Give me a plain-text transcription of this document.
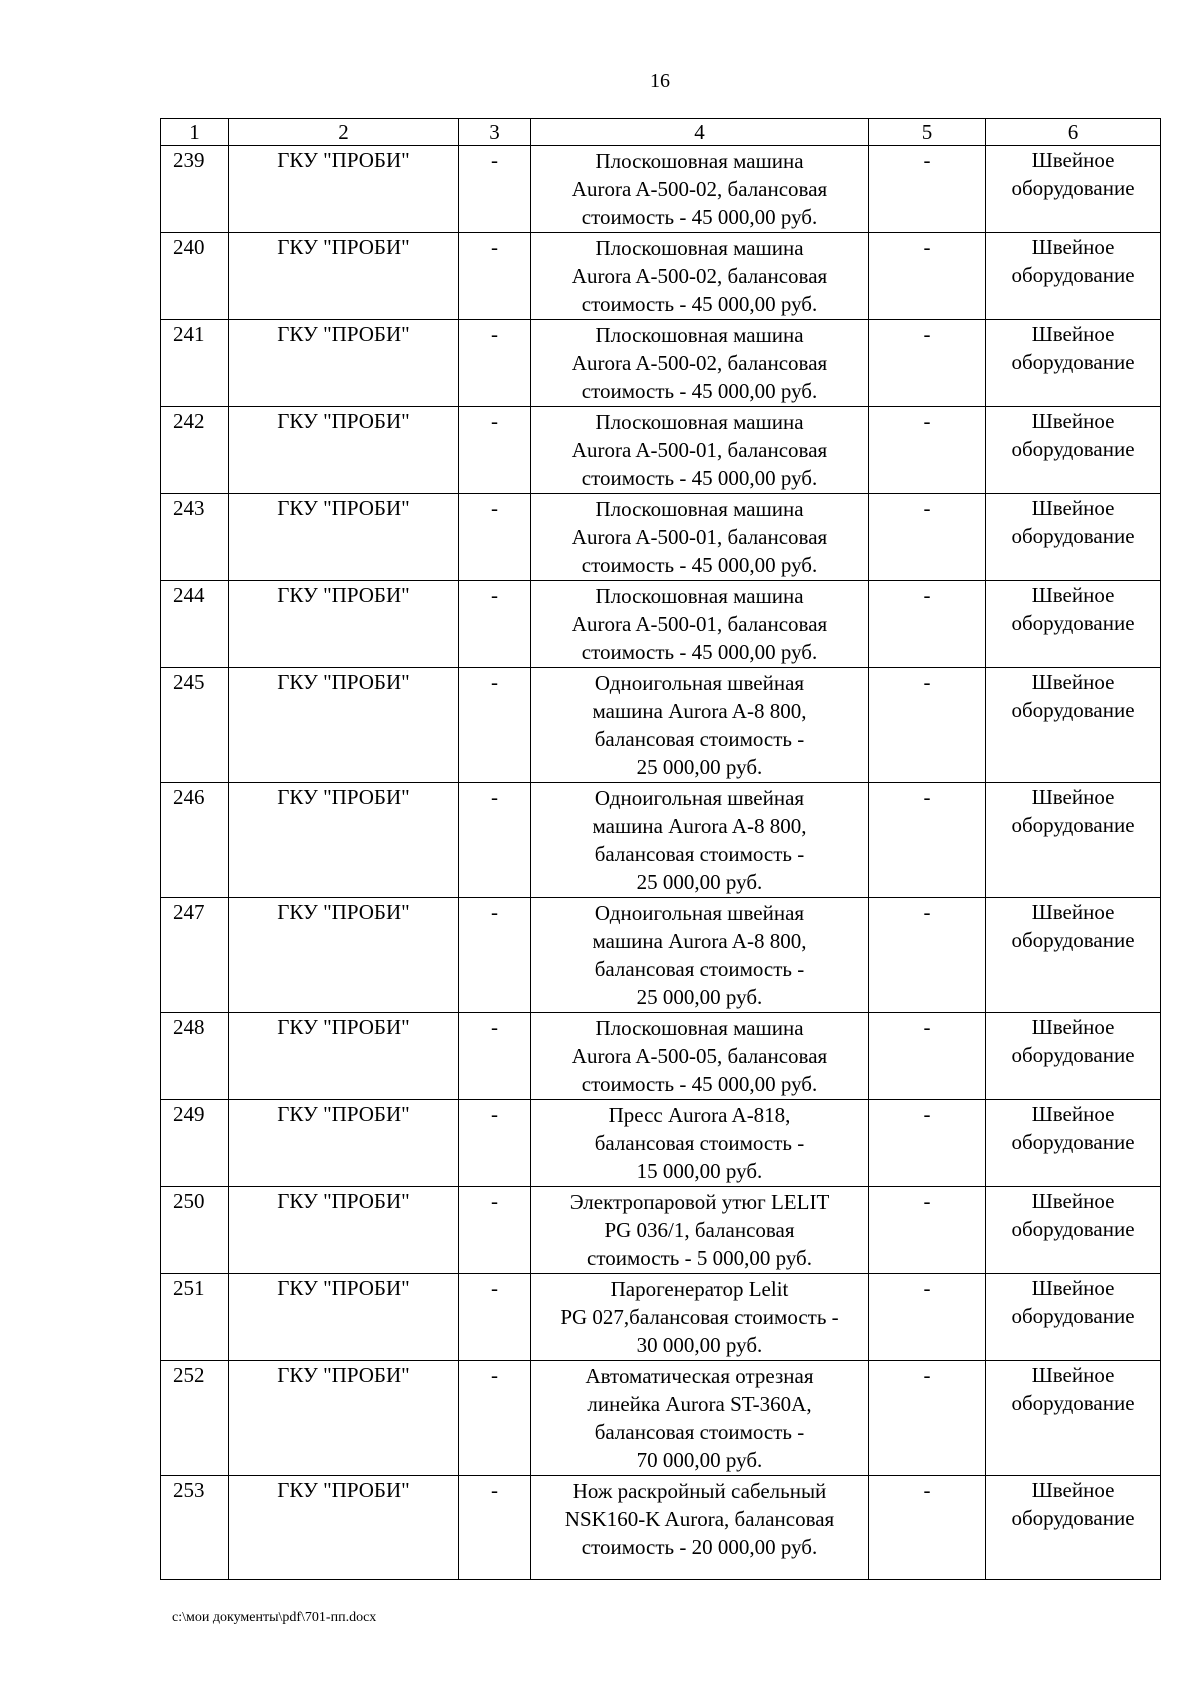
16
1	2	3	4	5	6
239	ГКУ "ПРОБИ"	-	Плоскошовная машина
Aurora A-500-02, балансовая
стоимость - 45 000,00 руб.	-	Швейное
оборудование

240	ГКУ "ПРОБИ"	-	Плоскошовная машина
Aurora A-500-02, балансовая
стоимость - 45 000,00 руб.	-	Швейное
оборудование

241	ГКУ "ПРОБИ"	-	Плоскошовная машина
Aurora A-500-02, балансовая
стоимость - 45 000,00 руб.	-	Швейное
оборудование

242	ГКУ "ПРОБИ"	-	Плоскошовная машина
Aurora A-500-01, балансовая
стоимость - 45 000,00 руб.	-	Швейное
оборудование

243	ГКУ "ПРОБИ"	-	Плоскошовная машина
Aurora A-500-01, балансовая
стоимость - 45 000,00 руб.	-	Швейное
оборудование

244	ГКУ "ПРОБИ"	-	Плоскошовная машина
Aurora A-500-01, балансовая
стоимость - 45 000,00 руб.	-	Швейное
оборудование

245	ГКУ "ПРОБИ"	-	Одноигольная швейная
машина Aurora A-8 800,
балансовая стоимость -
25 000,00 руб.	-	Швейное
оборудование

246	ГКУ "ПРОБИ"	-	Одноигольная швейная
машина Aurora A-8 800,
балансовая стоимость -
25 000,00 руб.	-	Швейное
оборудование

247	ГКУ "ПРОБИ"	-	Одноигольная швейная
машина Aurora A-8 800,
балансовая стоимость -
25 000,00 руб.	-	Швейное
оборудование

248	ГКУ "ПРОБИ"	-	Плоскошовная машина
Aurora A-500-05, балансовая
стоимость - 45 000,00 руб.	-	Швейное
оборудование

249	ГКУ "ПРОБИ"	-	Пресс Aurora A-818,
балансовая стоимость -
15 000,00 руб.	-	Швейное
оборудование

250	ГКУ "ПРОБИ"	-	Электропаровой утюг LELIT
PG 036/1, балансовая
стоимость - 5 000,00 руб.	-	Швейное
оборудование

251	ГКУ "ПРОБИ"	-	Парогенератор Lelit
PG 027,балансовая стоимость -
30 000,00 руб.	-	Швейное
оборудование

252	ГКУ "ПРОБИ"	-	Автоматическая отрезная
линейка Aurora ST-360A,
балансовая стоимость -
70 000,00 руб.	-	Швейное
оборудование

253	ГКУ "ПРОБИ"	-	Нож раскройный сабельный
NSK160-K Aurora, балансовая
стоимость - 20 000,00 руб.	-	Швейное
оборудование
c:\мои документы\pdf\701-пп.docx
